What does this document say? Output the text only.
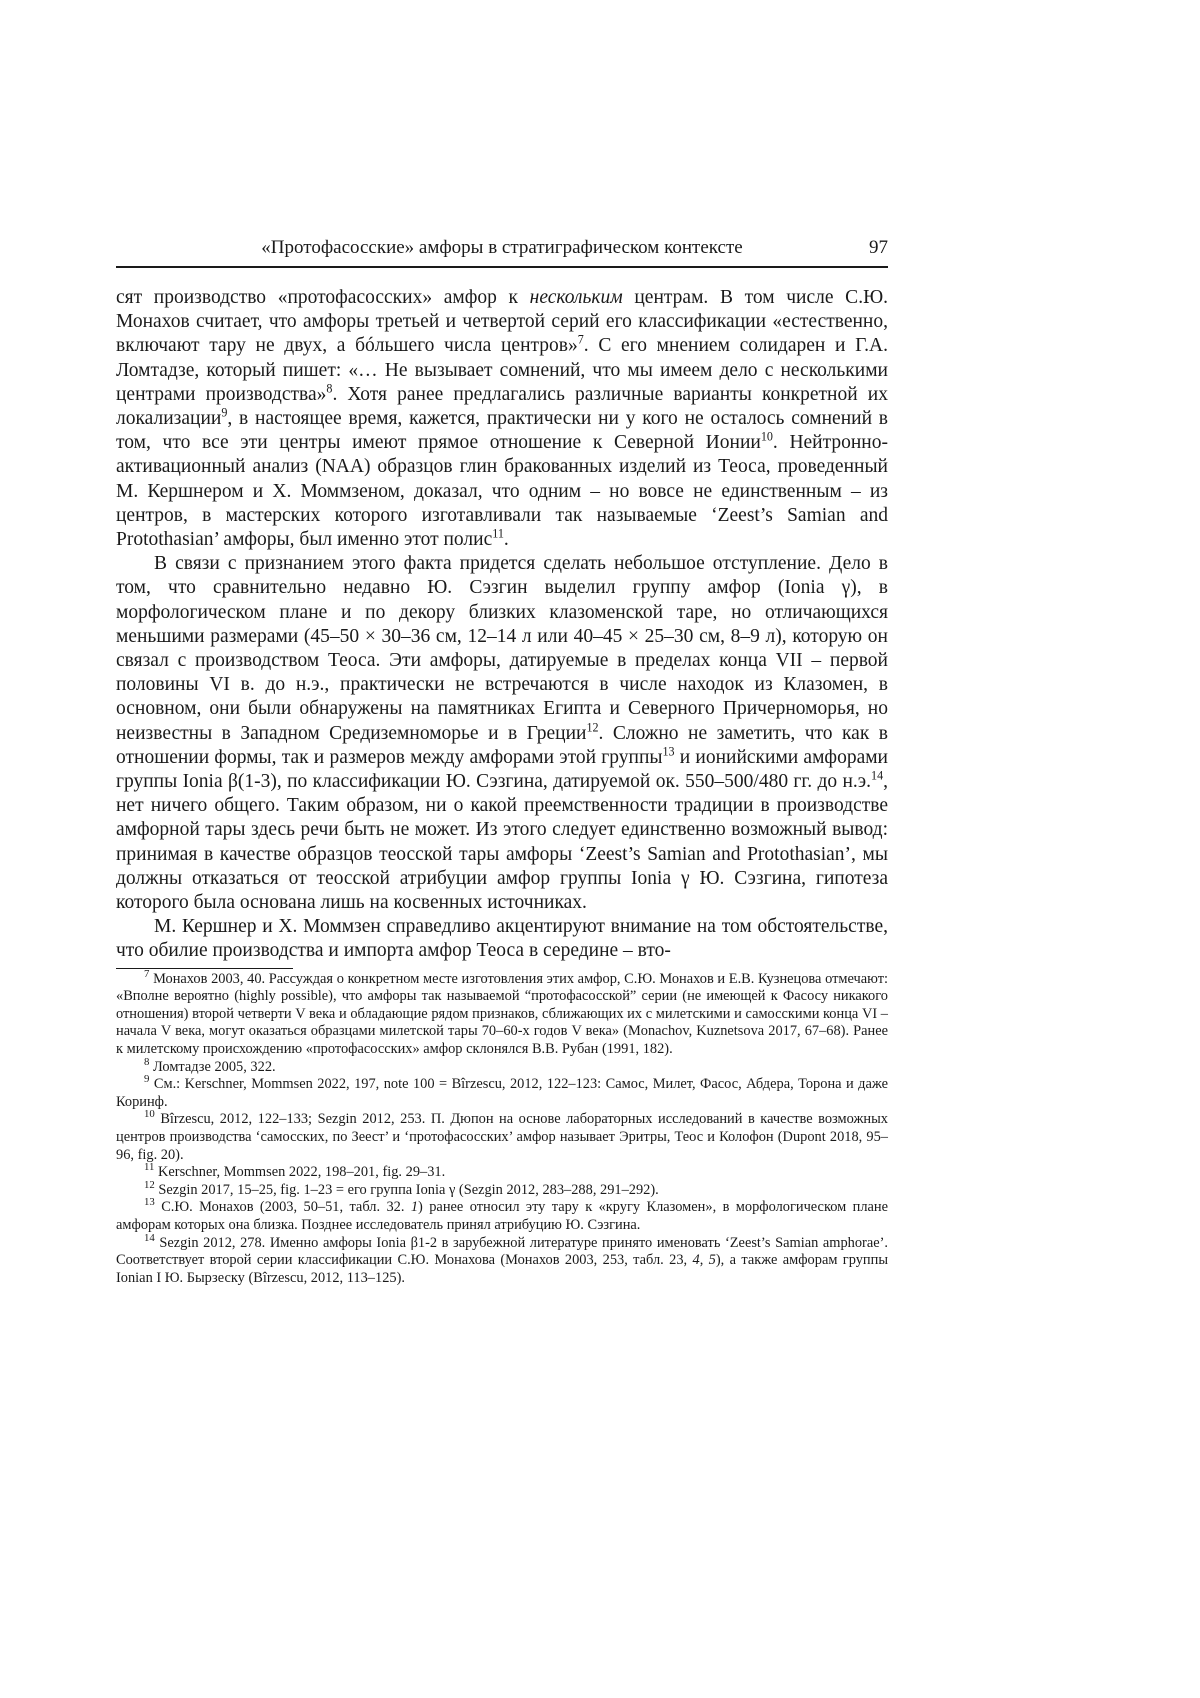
«Протофасосские» амфоры в стратиграфическом контексте	97

сят производство «протофасосских» амфор к нескольким центрам. В том числе С.Ю. Монахов считает, что амфоры третьей и четвертой серий его классификации «естественно, включают тару не двух, а бóльшего числа центров»$^7$. С его мнением солидарен и Г.А. Ломтадзе, который пишет: «… Не вызывает сомнений, что мы имеем дело с несколькими центрами производства»$^8$. Хотя ранее предлагались различные варианты конкретной их локализации$^9$, в настоящее время, кажется, практически ни у кого не осталось сомнений в том, что все эти центры имеют прямое отношение к Северной Ионии$^{10}$. Нейтронно-активационный анализ (NAA) образцов глин бракованных изделий из Теоса, проведенный М. Кершнером и Х. Моммзеном, доказал, что одним – но вовсе не единственным – из центров, в мастерских которого изготавливали так называемые ‘Zeest’s Samian and Protothasian’ амфоры, был именно этот полис$^{11}$.

В связи с признанием этого факта придется сделать небольшое отступление. Дело в том, что сравнительно недавно Ю. Сэзгин выделил группу амфор (Ionia γ), в морфологическом плане и по декору близких клазоменской таре, но отличающихся меньшими размерами (45–50 × 30–36 см, 12–14 л или 40–45 × 25–30 см, 8–9 л), которую он связал с производством Теоса. Эти амфоры, датируемые в пределах конца VII – первой половины VI в. до н.э., практически не встречаются в числе находок из Клазомен, в основном, они были обнаружены на памятниках Египта и Северного Причерноморья, но неизвестны в Западном Средиземноморье и в Греции$^{12}$. Сложно не заметить, что как в отношении формы, так и размеров между амфорами этой группы$^{13}$ и ионийскими амфорами группы Ionia β(1-3), по классификации Ю. Сэзгина, датируемой ок. 550–500/480 гг. до н.э.$^{14}$, нет ничего общего. Таким образом, ни о какой преемственности традиции в производстве амфорной тары здесь речи быть не может. Из этого следует единственно возможный вывод: принимая в качестве образцов теосской тары амфоры ‘Zeest’s Samian and Protothasian’, мы должны отказаться от теосской атрибуции амфор группы Ionia γ Ю. Сэзгина, гипотеза которого была основана лишь на косвенных источниках.

М. Кершнер и Х. Моммзен справедливо акцентируют внимание на том обстоятельстве, что обилие производства и импорта амфор Теоса в середине – вто-

$^7$ Монахов 2003, 40. Рассуждая о конкретном месте изготовления этих амфор, С.Ю. Монахов и Е.В. Кузнецова отмечают: «Вполне вероятно (highly possible), что амфоры так называемой “протофасосской” серии (не имеющей к Фасосу никакого отношения) второй четверти V века и обладающие рядом признаков, сближающих их с милетскими и самосскими конца VI – начала V века, могут оказаться образцами милетской тары 70–60-х годов V века» (Monachov, Kuznetsova 2017, 67–68). Ранее к милетскому происхождению «протофасосских» амфор склонялся В.В. Рубан (1991, 182).

$^8$ Ломтадзе 2005, 322.

$^9$ См.: Kerschner, Mommsen 2022, 197, note 100 = Bîrzescu, 2012, 122–123: Самос, Милет, Фасос, Абдера, Торона и даже Коринф.

$^{10}$ Bîrzescu, 2012, 122–133; Sezgin 2012, 253. П. Дюпон на основе лабораторных исследований в качестве возможных центров производства ‘самосских, по Зеест’ и ‘протофасосских’ амфор называет Эритры, Теос и Колофон (Dupont 2018, 95–96, fig. 20).

$^{11}$ Kerschner, Mommsen 2022, 198–201, fig. 29–31.

$^{12}$ Sezgin 2017, 15–25, fig. 1–23 = его группа Ionia γ (Sezgin 2012, 283–288, 291–292).

$^{13}$ С.Ю. Монахов (2003, 50–51, табл. 32. 1) ранее относил эту тару к «кругу Клазомен», в морфологическом плане амфорам которых она близка. Позднее исследователь принял атрибуцию Ю. Сэзгина.

$^{14}$ Sezgin 2012, 278. Именно амфоры Ionia β1-2 в зарубежной литературе принято именовать ‘Zeest’s Samian amphorae’. Соответствует второй серии классификации С.Ю. Монахова (Монахов 2003, 253, табл. 23, 4, 5), а также амфорам группы Ionian I Ю. Бырзеску (Bîrzescu, 2012, 113–125).
